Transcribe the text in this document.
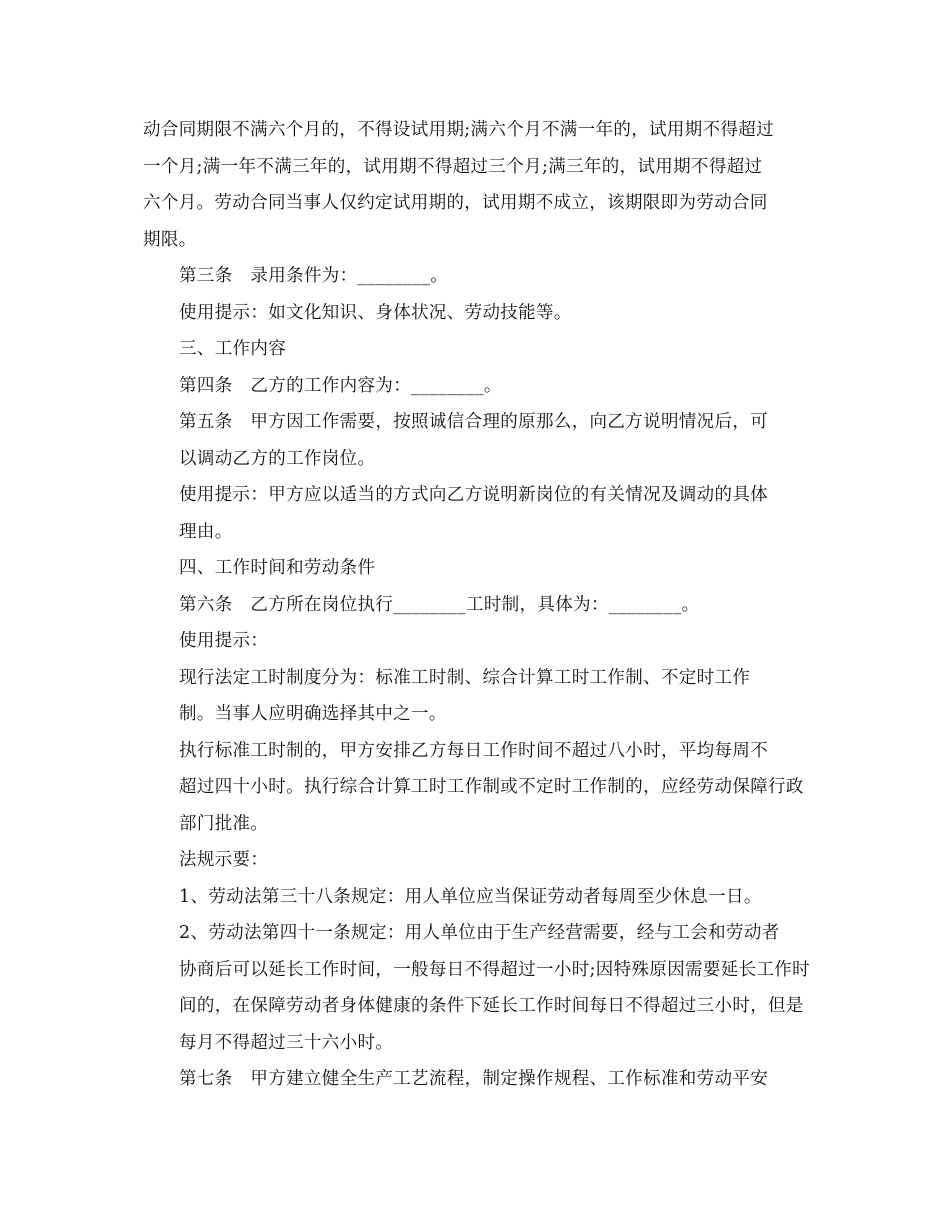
动合同期限不满六个月的，不得设试用期;满六个月不满一年的，试用期不得超过
一个月;满一年不满三年的，试用期不得超过三个月;满三年的，试用期不得超过
六个月。劳动合同当事人仅约定试用期的，试用期不成立，该期限即为劳动合同
期限。

第三条　录用条件为：________。

使用提示：如文化知识、身体状况、劳动技能等。

三、工作内容

第四条　乙方的工作内容为：________。

第五条　甲方因工作需要，按照诚信合理的原那么，向乙方说明情况后，可
以调动乙方的工作岗位。

使用提示：甲方应以适当的方式向乙方说明新岗位的有关情况及调动的具体
理由。

四、工作时间和劳动条件

第六条　乙方所在岗位执行________工时制，具体为：________。

使用提示：

现行法定工时制度分为：标准工时制、综合计算工时工作制、不定时工作
制。当事人应明确选择其中之一。

执行标准工时制的，甲方安排乙方每日工作时间不超过八小时，平均每周不
超过四十小时。执行综合计算工时工作制或不定时工作制的，应经劳动保障行政
部门批准。

法规示要：

1、劳动法第三十八条规定：用人单位应当保证劳动者每周至少休息一日。

2、劳动法第四十一条规定：用人单位由于生产经营需要，经与工会和劳动者
协商后可以延长工作时间，一般每日不得超过一小时;因特殊原因需要延长工作时
间的，在保障劳动者身体健康的条件下延长工作时间每日不得超过三小时，但是
每月不得超过三十六小时。

第七条　甲方建立健全生产工艺流程，制定操作规程、工作标准和劳动平安
